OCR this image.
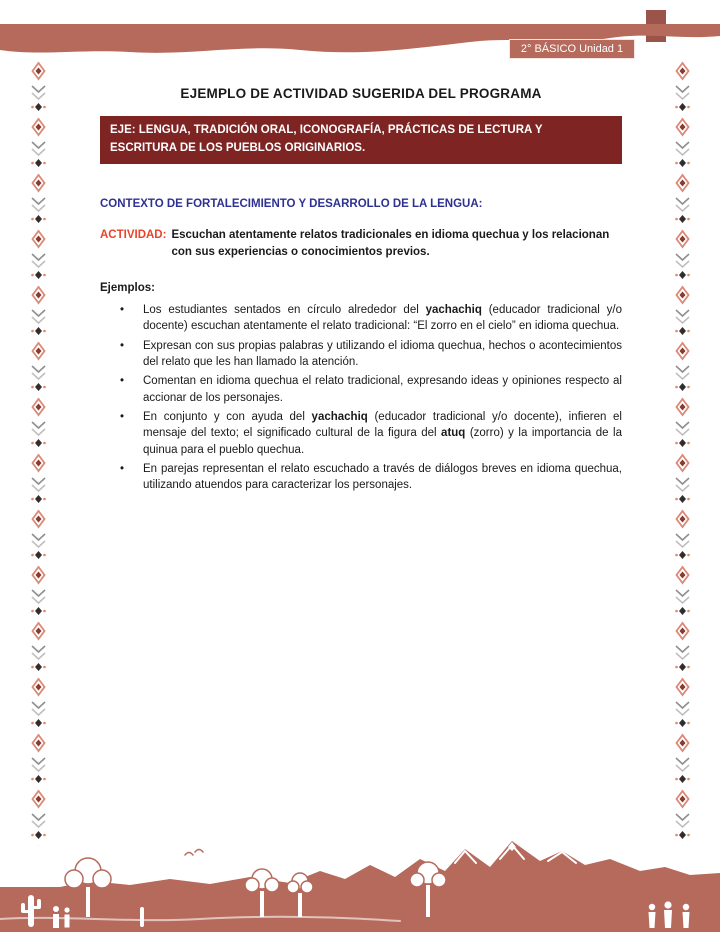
2° BÁSICO Unidad 1
EJEMPLO DE ACTIVIDAD SUGERIDA DEL PROGRAMA
EJE: LENGUA, TRADICIÓN ORAL, ICONOGRAFÍA, PRÁCTICAS DE LECTURA Y ESCRITURA DE LOS PUEBLOS ORIGINARIOS.
CONTEXTO DE FORTALECIMIENTO Y DESARROLLO DE LA LENGUA:

ACTIVIDAD: Escuchan atentamente relatos tradicionales en idioma quechua y los relacionan con sus experiencias o conocimientos previos.

Ejemplos:
•	Los estudiantes sentados en círculo alrededor del yachachiq (educador tradicional y/o docente) escuchan atentamente el relato tradicional: “El zorro en el cielo” en idioma quechua.
•	Expresan con sus propias palabras y utilizando el idioma quechua, hechos o acontecimientos del relato que les han llamado la atención.
•	Comentan en idioma quechua el relato tradicional, expresando ideas y opiniones respecto al accionar de los personajes.
•	En conjunto y con ayuda del yachachiq (educador tradicional y/o docente), infieren el mensaje del texto; el significado cultural de la figura del atuq (zorro) y la importancia de la quinua para el pueblo quechua.
•	En parejas representan el relato escuchado a través de diálogos breves en idioma quechua, utilizando atuendos para caracterizar los personajes.
